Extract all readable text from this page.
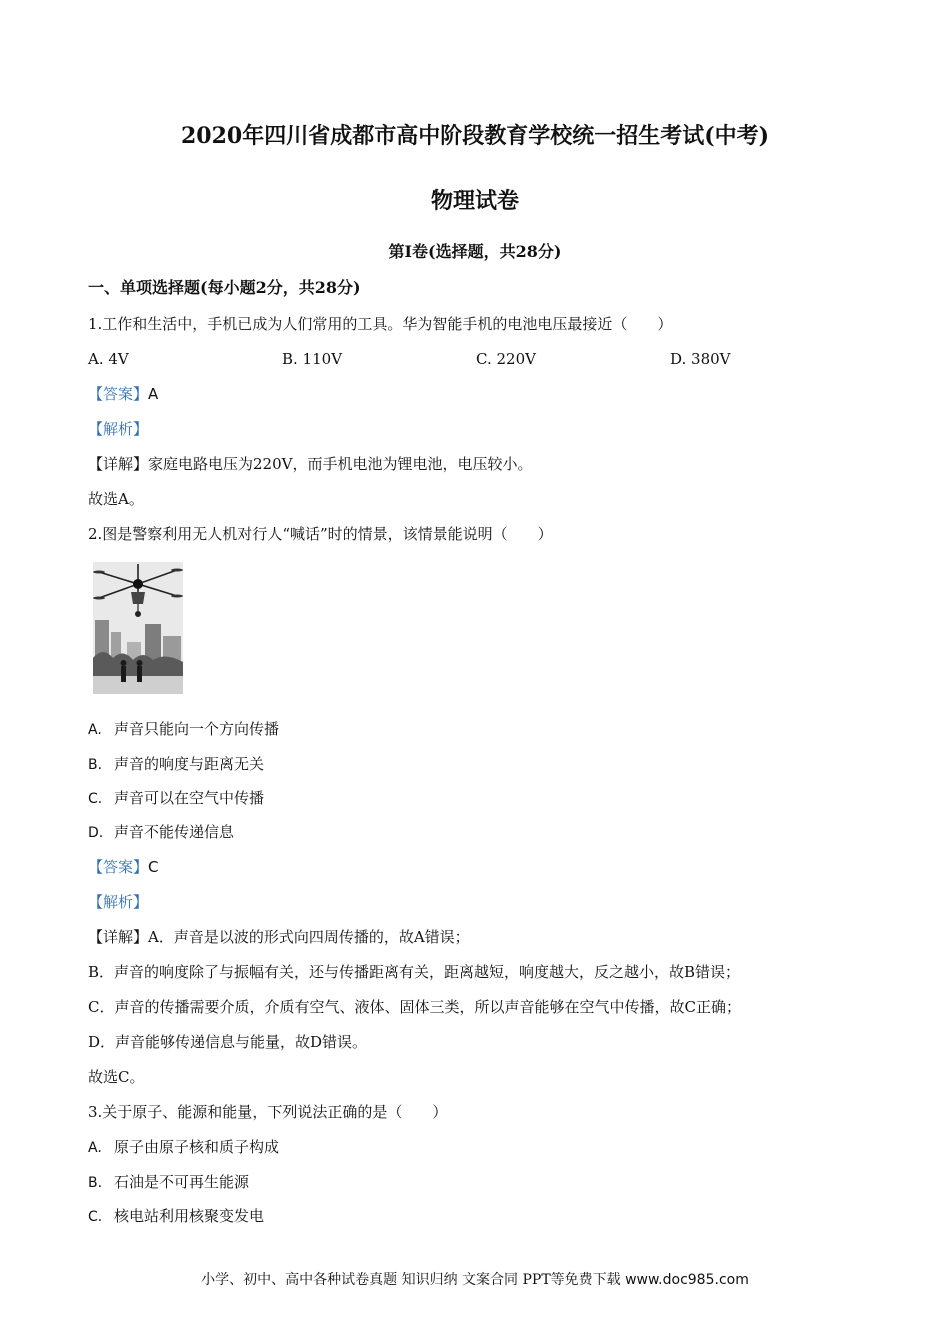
2020年四川省成都市高中阶段教育学校统一招生考试(中考)
物理试卷
第Ⅰ卷(选择题，共28分)
一、单项选择题(每小题2分，共28分)
1.工作和生活中，手机已成为人们常用的工具。华为智能手机的电池电压最接近（　　）
A. 4V	B. 110V	C. 220V	D. 380V
【答案】A
【解析】
【详解】家庭电路电压为220V，而手机电池为锂电池，电压较小。
故选A。
2.图是警察利用无人机对行人“喊话”时的情景，该情景能说明（　　）
A. 声音只能向一个方向传播
B. 声音的响度与距离无关
C. 声音可以在空气中传播
D. 声音不能传递信息
【答案】C
【解析】
【详解】A．声音是以波的形式向四周传播的，故A错误；
B．声音的响度除了与振幅有关，还与传播距离有关，距离越短，响度越大，反之越小，故B错误；
C．声音的传播需要介质，介质有空气、液体、固体三类，所以声音能够在空气中传播，故C正确；
D．声音能够传递信息与能量，故D错误。
故选C。
3.关于原子、能源和能量，下列说法正确的是（　　）
A. 原子由原子核和质子构成
B. 石油是不可再生能源
C. 核电站利用核聚变发电
小学、初中、高中各种试卷真题 知识归纳 文案合同 PPT等免费下载 www.doc985.com
